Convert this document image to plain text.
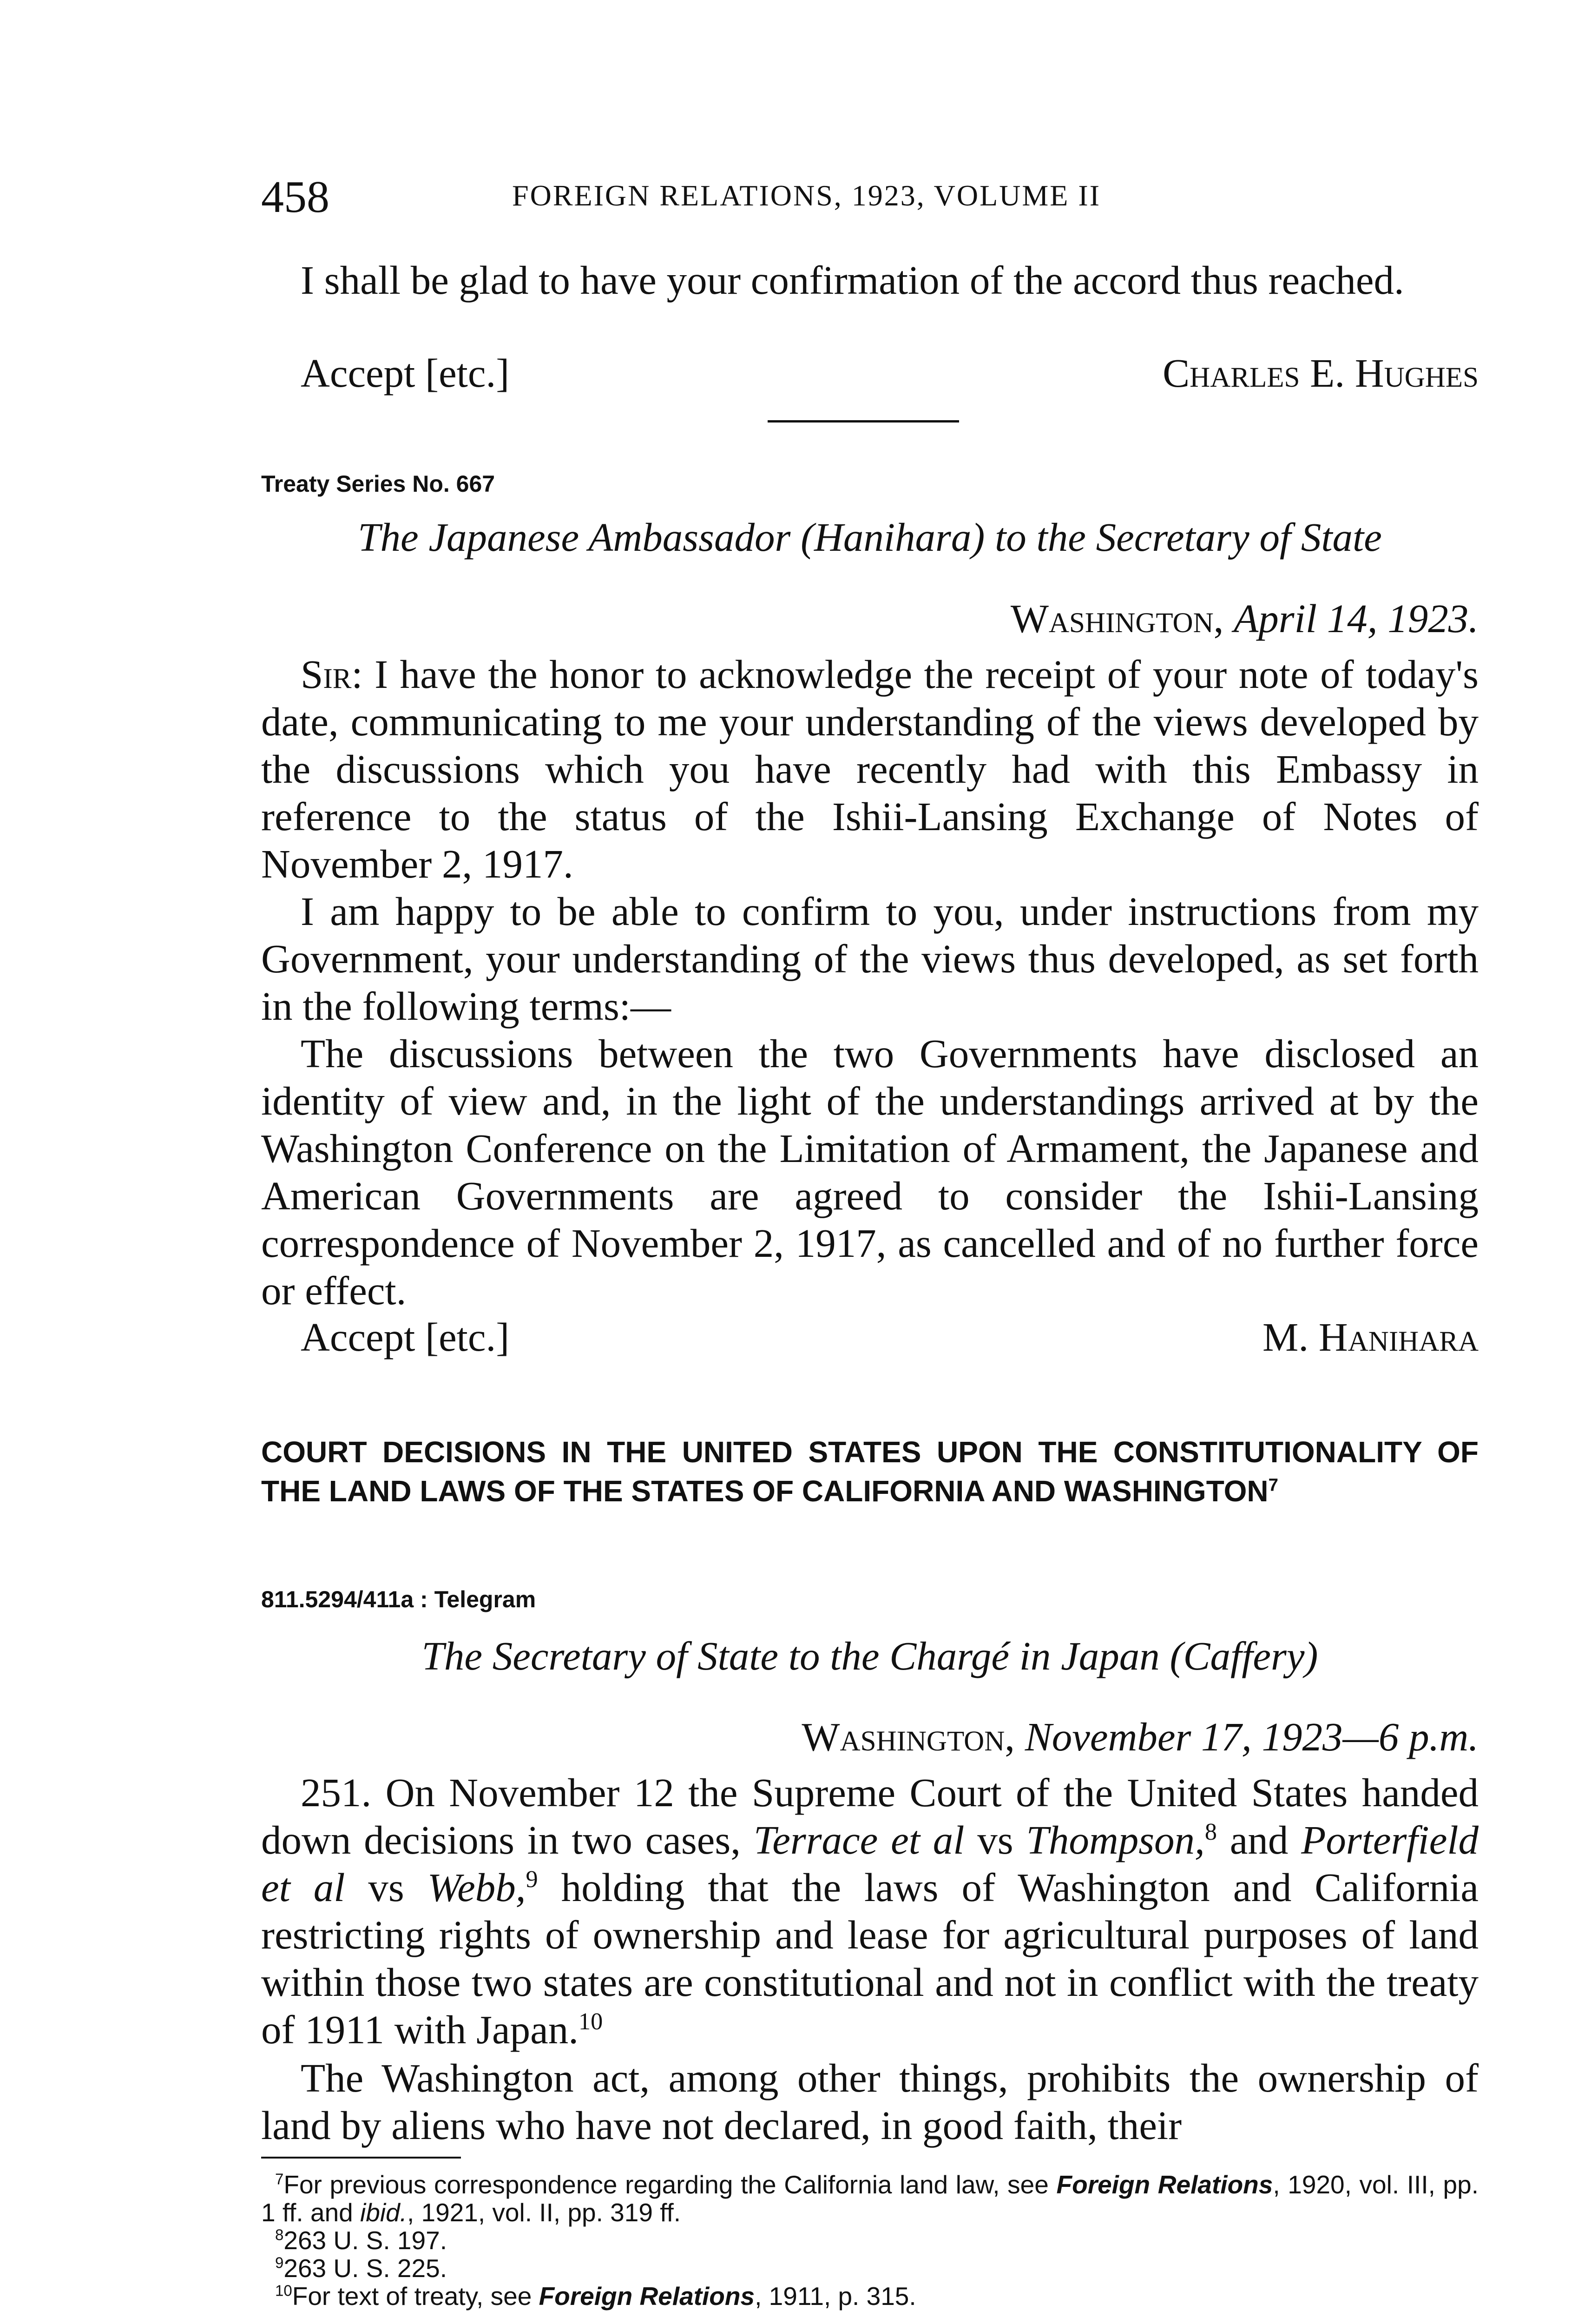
458	FOREIGN RELATIONS, 1923, VOLUME II
I shall be glad to have your confirmation of the accord thus reached.
Accept [etc.]	Charles E. Hughes
Treaty Series No. 667
The Japanese Ambassador (Hanihara) to the Secretary of State
Washington, April 14, 1923.
Sir: I have the honor to acknowledge the receipt of your note of today's date, communicating to me your understanding of the views developed by the discussions which you have recently had with this Embassy in reference to the status of the Ishii-Lansing Exchange of Notes of November 2, 1917.
I am happy to be able to confirm to you, under instructions from my Government, your understanding of the views thus developed, as set forth in the following terms:—
The discussions between the two Governments have disclosed an identity of view and, in the light of the understandings arrived at by the Washington Conference on the Limitation of Armament, the Japanese and American Governments are agreed to consider the Ishii-Lansing correspondence of November 2, 1917, as cancelled and of no further force or effect.
Accept [etc.]	M. Hanihara
COURT DECISIONS IN THE UNITED STATES UPON THE CONSTITUTIONALITY OF THE LAND LAWS OF THE STATES OF CALIFORNIA AND WASHINGTON$^7$
811.5294/411a : Telegram
The Secretary of State to the Chargé in Japan (Caffery)
Washington, November 17, 1923—6 p.m.
251. On November 12 the Supreme Court of the United States handed down decisions in two cases, Terrace et al vs Thompson,$^8$ and Porterfield et al vs Webb,$^9$ holding that the laws of Washington and California restricting rights of ownership and lease for agricultural purposes of land within those two states are constitutional and not in conflict with the treaty of 1911 with Japan.$^{10}$
The Washington act, among other things, prohibits the ownership of land by aliens who have not declared, in good faith, their

$^7$For previous correspondence regarding the California land law, see Foreign Relations, 1920, vol. III, pp. 1 ff. and ibid., 1921, vol. II, pp. 319 ff.

$^8$263 U. S. 197.

$^9$263 U. S. 225.

$^{10}$For text of treaty, see Foreign Relations, 1911, p. 315.
